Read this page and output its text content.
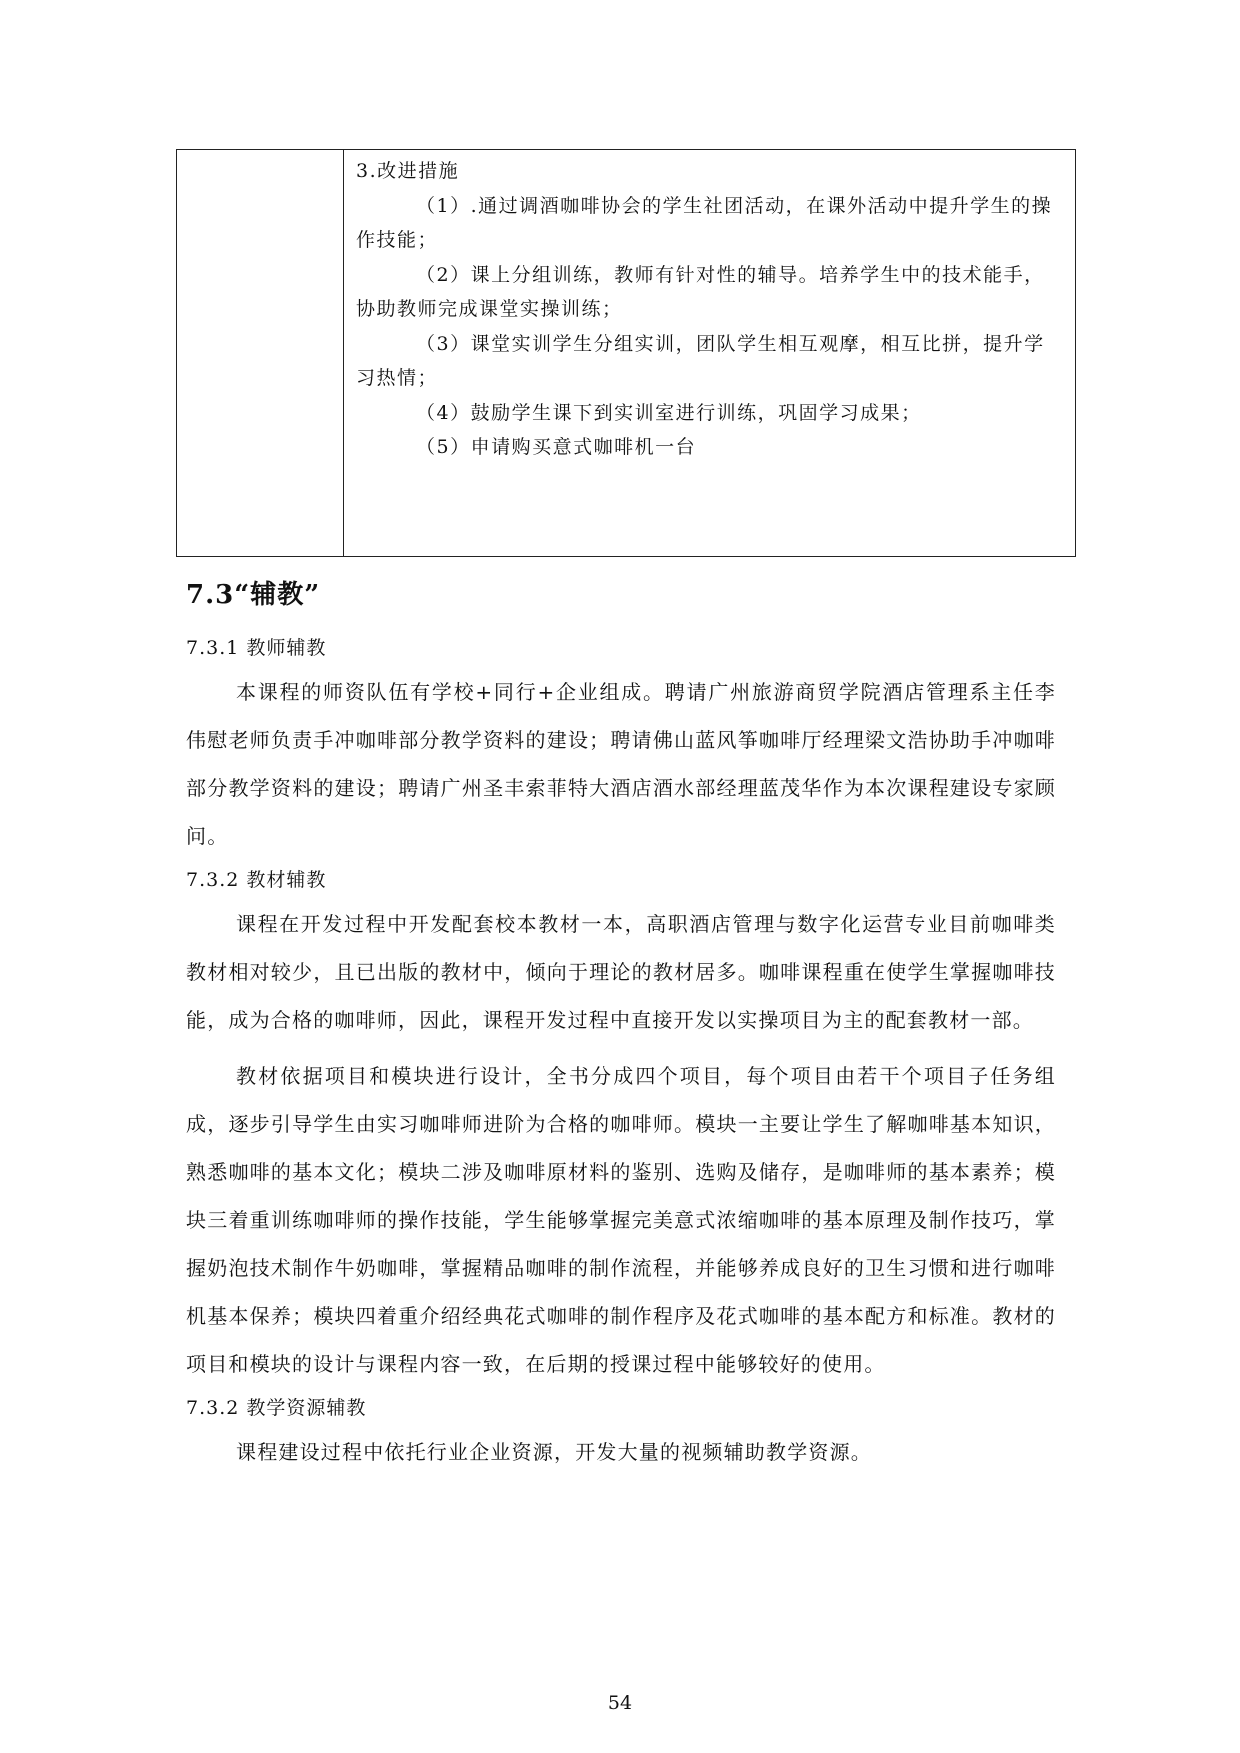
3.改进措施

（1）.通过调酒咖啡协会的学生社团活动，在课外活动中提升学生的操作技能；

（2）课上分组训练，教师有针对性的辅导。培养学生中的技术能手，协助教师完成课堂实操训练；

（3）课堂实训学生分组实训，团队学生相互观摩，相互比拼，提升学习热情；

（4）鼓励学生课下到实训室进行训练，巩固学习成果；

（5）申请购买意式咖啡机一台

7.3“辅教”

7.3.1 教师辅教

本课程的师资队伍有学校+同行+企业组成。聘请广州旅游商贸学院酒店管理系主任李伟慰老师负责手冲咖啡部分教学资料的建设；聘请佛山蓝风筝咖啡厅经理梁文浩协助手冲咖啡部分教学资料的建设；聘请广州圣丰索菲特大酒店酒水部经理蓝茂华作为本次课程建设专家顾问。

7.3.2 教材辅教

课程在开发过程中开发配套校本教材一本，高职酒店管理与数字化运营专业目前咖啡类教材相对较少，且已出版的教材中，倾向于理论的教材居多。咖啡课程重在使学生掌握咖啡技能，成为合格的咖啡师，因此，课程开发过程中直接开发以实操项目为主的配套教材一部。

教材依据项目和模块进行设计，全书分成四个项目，每个项目由若干个项目子任务组成，逐步引导学生由实习咖啡师进阶为合格的咖啡师。模块一主要让学生了解咖啡基本知识，熟悉咖啡的基本文化；模块二涉及咖啡原材料的鉴别、选购及储存，是咖啡师的基本素养；模块三着重训练咖啡师的操作技能，学生能够掌握完美意式浓缩咖啡的基本原理及制作技巧，掌握奶泡技术制作牛奶咖啡，掌握精品咖啡的制作流程，并能够养成良好的卫生习惯和进行咖啡机基本保养；模块四着重介绍经典花式咖啡的制作程序及花式咖啡的基本配方和标准。教材的项目和模块的设计与课程内容一致，在后期的授课过程中能够较好的使用。

7.3.2 教学资源辅教

课程建设过程中依托行业企业资源，开发大量的视频辅助教学资源。

54
